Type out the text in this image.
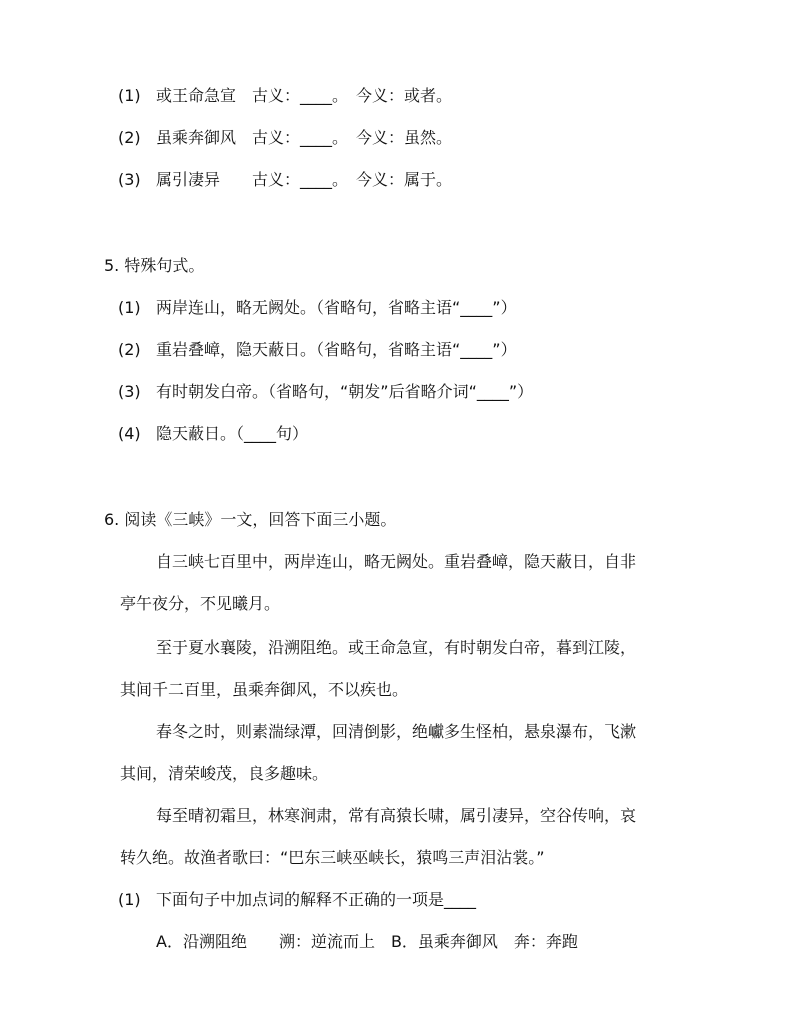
(1) 或王命急宣　古义：____。　今义：或者。
(2) 虽乘奔御风　古义：____。　今义：虽然。
(3) 属引凄异　　古义：____。　今义：属于。
5. 特殊句式。
(1) 两岸连山，略无阙处。（省略句，省略主语“____”）
(2) 重岩叠嶂，隐天蔽日。（省略句，省略主语“____”）
(3) 有时朝发白帝。（省略句，“朝发”后省略介词“____”）
(4) 隐天蔽日。（____句）
6. 阅读《三峡》一文，回答下面三小题。
自三峡七百里中，两岸连山，略无阙处。重岩叠嶂，隐天蔽日，自非
亭午夜分，不见曦月。
至于夏水襄陵，沿溯阻绝。或王命急宣，有时朝发白帝，暮到江陵，
其间千二百里，虽乘奔御风，不以疾也。
春冬之时，则素湍绿潭，回清倒影，绝巘多生怪柏，悬泉瀑布，飞漱
其间，清荣峻茂，良多趣味。
每至晴初霜旦，林寒涧肃，常有高猿长啸，属引凄异，空谷传响，哀
转久绝。故渔者歌曰：“巴东三峡巫峡长，猿鸣三声泪沾裳。”
(1) 下面句子中加点词的解释不正确的一项是____
A．沿溯阻绝　　溯：逆流而上　B．虽乘奔御风　奔：奔跑
